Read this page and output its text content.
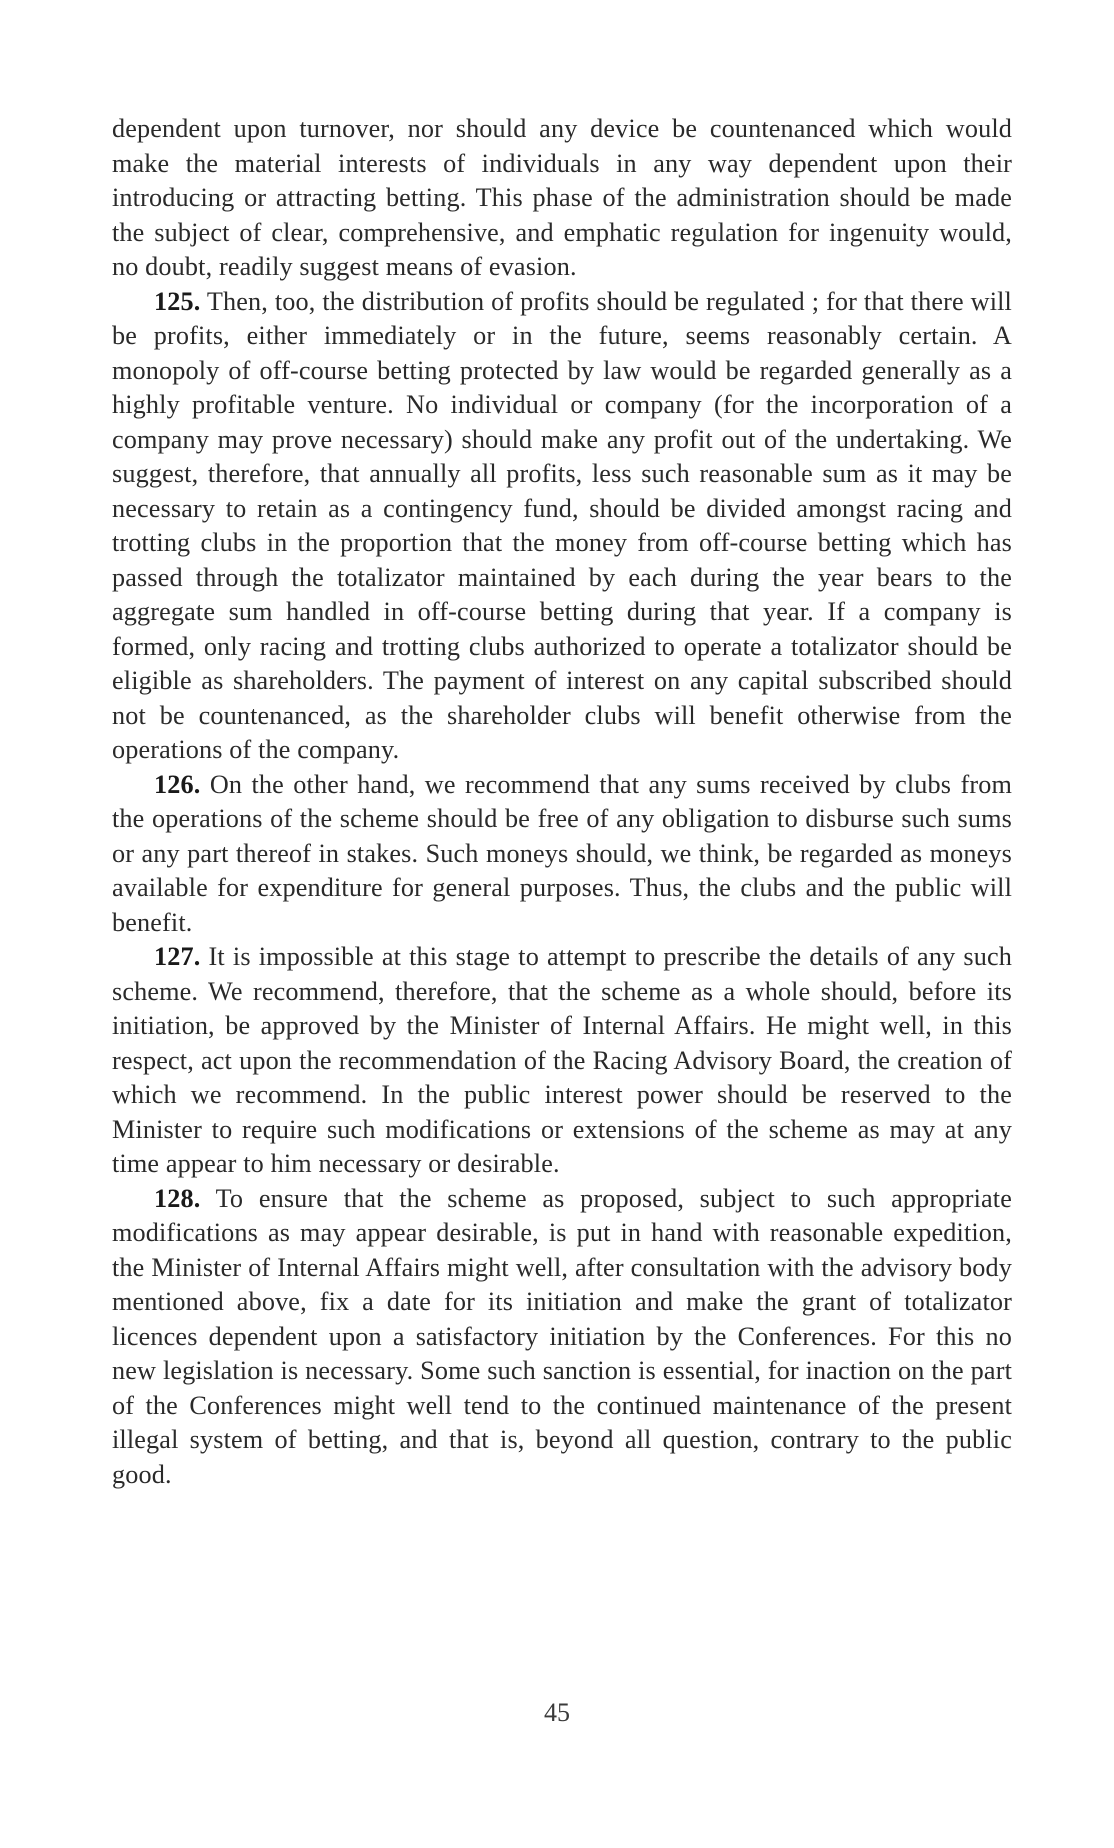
dependent upon turnover, nor should any device be countenanced which would make the material interests of individuals in any way dependent upon their introducing or attracting betting. This phase of the administration should be made the subject of clear, comprehensive, and emphatic regulation for ingenuity would, no doubt, readily suggest means of evasion.

125. Then, too, the distribution of profits should be regulated ; for that there will be profits, either immediately or in the future, seems reasonably certain. A monopoly of off-course betting protected by law would be regarded generally as a highly profitable venture. No individual or company (for the incorporation of a company may prove necessary) should make any profit out of the undertaking. We suggest, therefore, that annually all profits, less such reasonable sum as it may be necessary to retain as a contingency fund, should be divided amongst racing and trotting clubs in the proportion that the money from off-course betting which has passed through the totalizator maintained by each during the year bears to the aggregate sum handled in off-course betting during that year. If a company is formed, only racing and trotting clubs authorized to operate a totalizator should be eligible as shareholders. The payment of interest on any capital subscribed should not be countenanced, as the shareholder clubs will benefit otherwise from the operations of the company.

126. On the other hand, we recommend that any sums received by clubs from the operations of the scheme should be free of any obligation to disburse such sums or any part thereof in stakes. Such moneys should, we think, be regarded as moneys available for expenditure for general purposes. Thus, the clubs and the public will benefit.

127. It is impossible at this stage to attempt to prescribe the details of any such scheme. We recommend, therefore, that the scheme as a whole should, before its initiation, be approved by the Minister of Internal Affairs. He might well, in this respect, act upon the recommendation of the Racing Advisory Board, the creation of which we recommend. In the public interest power should be reserved to the Minister to require such modifications or extensions of the scheme as may at any time appear to him necessary or desirable.

128. To ensure that the scheme as proposed, subject to such appropriate modifications as may appear desirable, is put in hand with reasonable expedition, the Minister of Internal Affairs might well, after consultation with the advisory body mentioned above, fix a date for its initiation and make the grant of totalizator licences dependent upon a satisfactory initiation by the Conferences. For this no new legislation is necessary. Some such sanction is essential, for inaction on the part of the Conferences might well tend to the continued maintenance of the present illegal system of betting, and that is, beyond all question, contrary to the public good.

45
